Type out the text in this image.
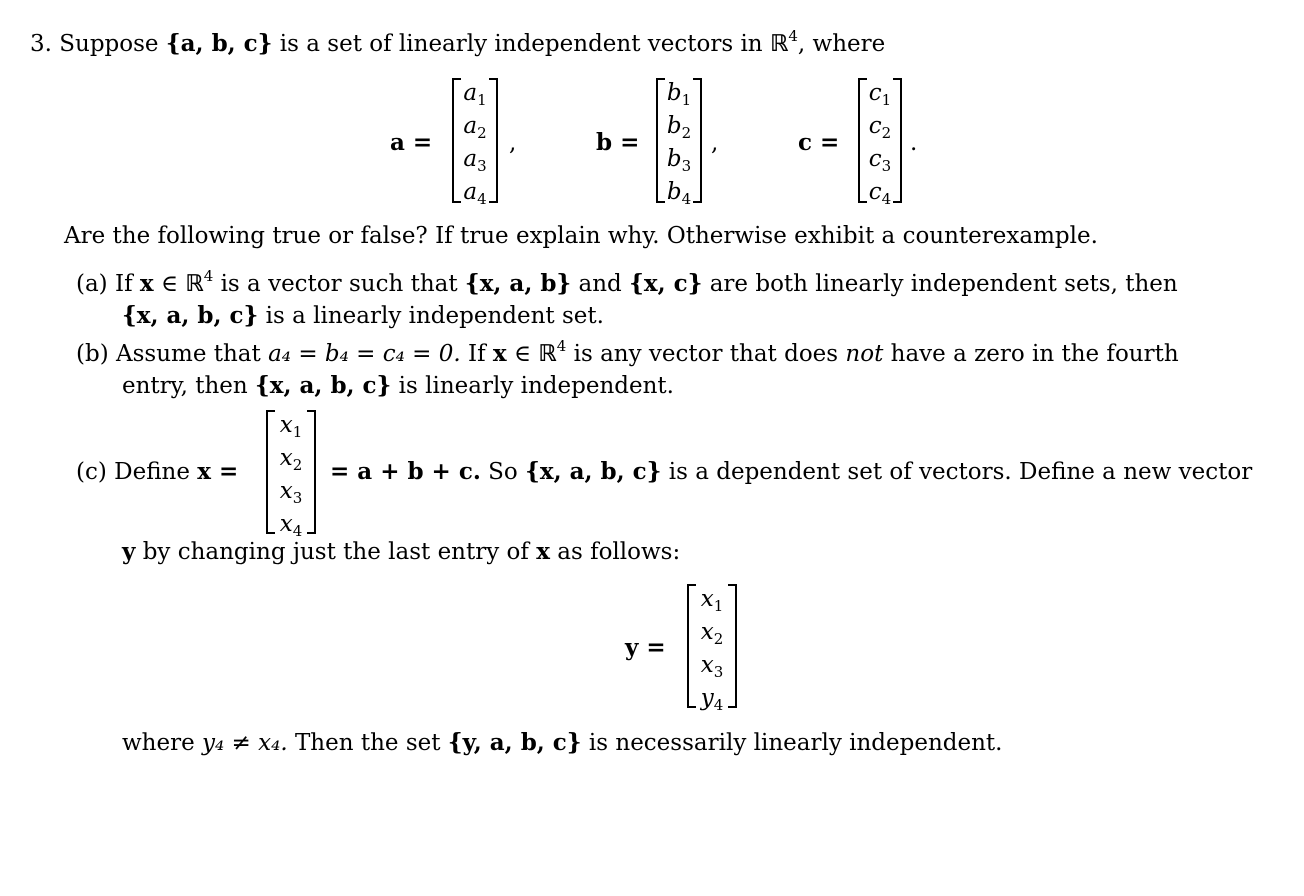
3. Suppose {a, b, c} is a set of linearly independent vectors in ℝ$^4$, where
a =
$a_1$
$a_2$
$a_3$
$a_4$
,	b =
$b_1$
$b_2$
$b_3$
$b_4$
,	c =
$c_1$
$c_2$
$c_3$
$c_4$
.
Are the following true or false? If true explain why. Otherwise exhibit a counterexample.
(a) If x ∈ ℝ$^4$ is a vector such that {x, a, b} and {x, c} are both linearly independent sets, then
{x, a, b, c} is a linearly independent set.
(b) Assume that a₄ = b₄ = c₄ = 0. If x ∈ ℝ$^4$ is any vector that does not have a zero in the fourth
entry, then {x, a, b, c} is linearly independent.
(c) Define x =
$x_1$
$x_2$
$x_3$
$x_4$
= a + b + c. So {x, a, b, c} is a dependent set of vectors. Define a new vector
y by changing just the last entry of x as follows:
y =
$x_1$
$x_2$
$x_3$
$y_4$
where y₄ ≠ x₄. Then the set {y, a, b, c} is necessarily linearly independent.
